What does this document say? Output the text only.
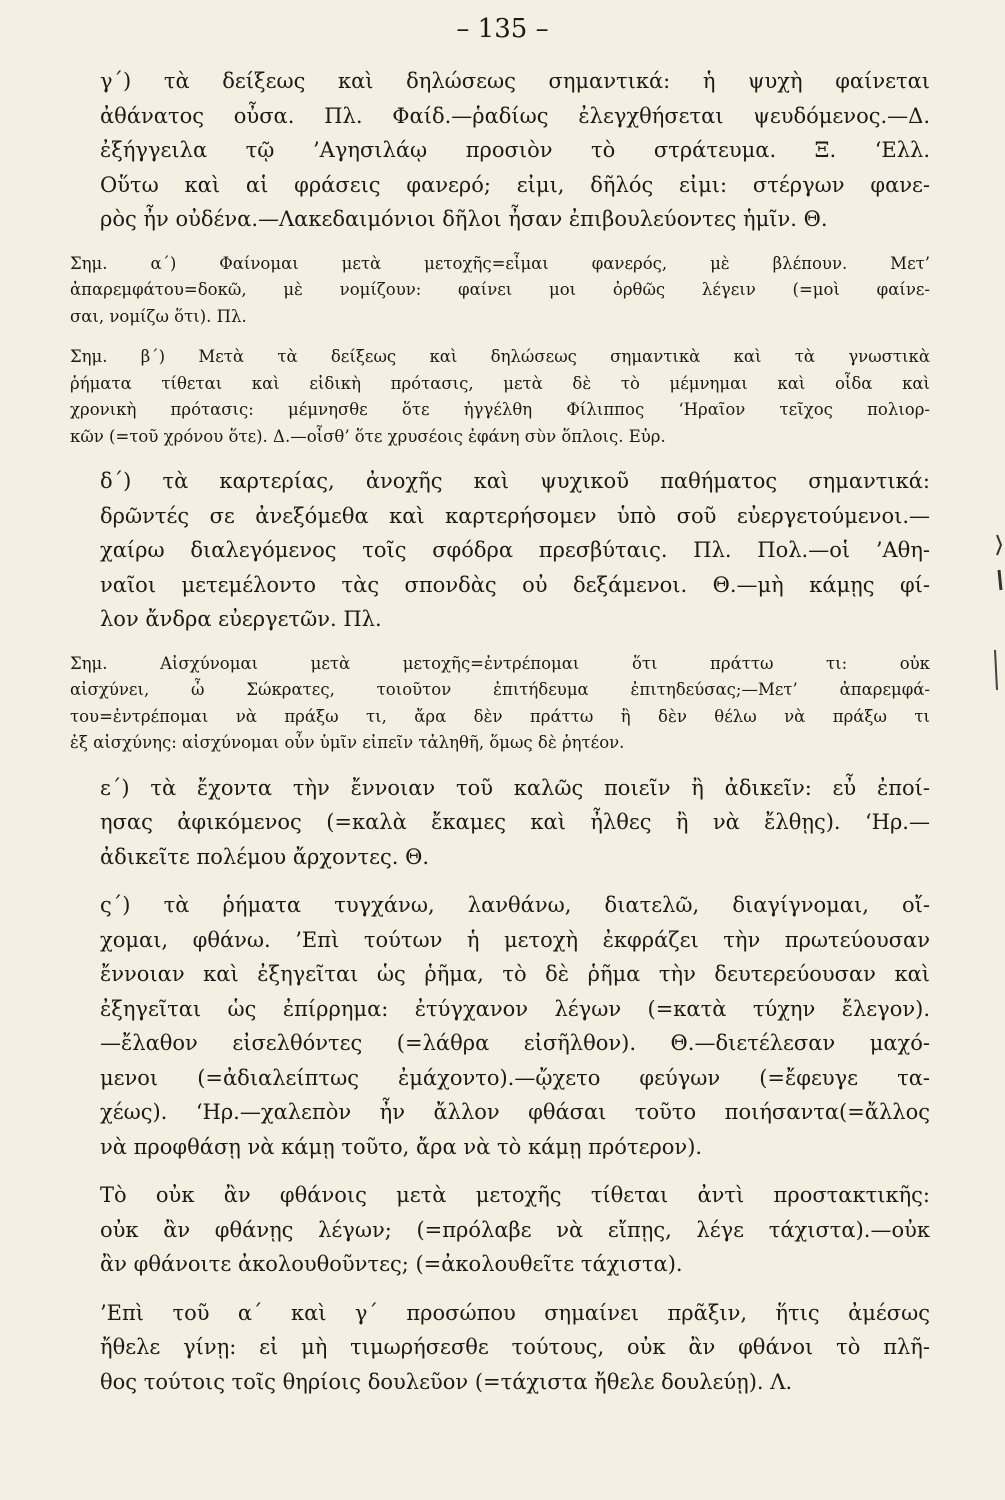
– 135 –
γ΄) τὰ δείξεως καὶ δηλώσεως σημαντικά: ἡ ψυχὴ φαίνεται
ἀθάνατος οὖσα. Πλ. Φαίδ.—ῥαδίως ἐλεγχθήσεται ψευδόμενος.—Δ.
ἐξήγγειλα τῷ ’Αγησιλάῳ προσιὸν τὸ στράτευμα. Ξ. ‘Ελλ.
Οὕτω καὶ αἱ φράσεις φανερό; εἰμι, δῆλός εἰμι: στέργων φανε-
ρὸς ἦν οὐδένα.—Λακεδαιμόνιοι δῆλοι ἦσαν ἐπιβουλεύοντες ἡμῖν. Θ.
Σημ. α΄) Φαίνομαι μετὰ μετοχῆς=εἶμαι φανερός, μὲ βλέπουν. Μετ’
ἀπαρεμφάτου=δοκῶ, μὲ νομίζουν: φαίνει μοι ὀρθῶς λέγειν (=μοὶ φαίνε-
σαι, νομίζω ὅτι). Πλ.
Σημ. β΄) Μετὰ τὰ δείξεως καὶ δηλώσεως σημαντικὰ καὶ τὰ γνωστικὰ
ῥήματα τίθεται καὶ εἰδικὴ πρότασις, μετὰ δὲ τὸ μέμνημαι καὶ οἶδα καὶ
χρονικὴ πρότασις: μέμνησθε ὅτε ἠγγέλθη Φίλιππος ‘Ηραῖον τεῖχος πολιορ-
κῶν (=τοῦ χρόνου ὅτε). Δ.—οἶσθ’ ὅτε χρυσέοις ἐφάνη σὺν ὅπλοις. Εὐρ.
δ΄) τὰ καρτερίας, ἀνοχῆς καὶ ψυχικοῦ παθήματος σημαντικά:
δρῶντές σε ἀνεξόμεθα καὶ καρτερήσομεν ὑπὸ σοῦ εὐεργετούμενοι.—
χαίρω διαλεγόμενος τοῖς σφόδρα πρεσβύταις. Πλ. Πολ.—οἱ ’Αθη-
ναῖοι μετεμέλοντο τὰς σπονδὰς οὐ δεξάμενοι. Θ.—μὴ κάμῃς φί-
λον ἄνδρα εὐεργετῶν. Πλ.
Σημ. Αἰσχύνομαι μετὰ μετοχῆς=ἐντρέπομαι ὅτι πράττω τι: οὐκ
αἰσχύνει, ὦ Σώκρατες, τοιοῦτον ἐπιτήδευμα ἐπιτηδεύσας;—Μετ’ ἀπαρεμφά-
του=ἐντρέπομαι νὰ πράξω τι, ἄρα δὲν πράττω ἢ δὲν θέλω νὰ πράξω τι
ἐξ αἰσχύνης: αἰσχύνομαι οὖν ὑμῖν εἰπεῖν τἀληθῆ, ὅμως δὲ ῥητέον.
ε΄) τὰ ἔχοντα τὴν ἔννοιαν τοῦ καλῶς ποιεῖν ἢ ἀδικεῖν: εὖ ἐποί-
ησας ἀφικόμενος (=καλὰ ἔκαμες καὶ ἦλθες ἢ νὰ ἔλθῃς). ‘Ηρ.—
ἀδικεῖτε πολέμου ἄρχοντες. Θ.
ς΄) τὰ ῥήματα τυγχάνω, λανθάνω, διατελῶ, διαγίγνομαι, οἴ-
χομαι, φθάνω. ’Επὶ τούτων ἡ μετοχὴ ἐκφράζει τὴν πρωτεύουσαν
ἔννοιαν καὶ ἐξηγεῖται ὡς ῥῆμα, τὸ δὲ ῥῆμα τὴν δευτερεύουσαν καὶ
ἐξηγεῖται ὡς ἐπίρρημα: ἐτύγχανον λέγων (=κατὰ τύχην ἔλεγον).
—ἔλαθον εἰσελθόντες (=λάθρα εἰσῆλθον). Θ.—διετέλεσαν μαχό-
μενοι (=ἀδιαλείπτως ἐμάχοντο).—ᾤχετο φεύγων (=ἔφευγε τα-
χέως). ‘Ηρ.—χαλεπὸν ἦν ἄλλον φθάσαι τοῦτο ποιήσαντα(=ἄλλος
νὰ προφθάσῃ νὰ κάμῃ τοῦτο, ἄρα νὰ τὸ κάμῃ πρότερον).
Τὸ οὐκ ἂν φθάνοις μετὰ μετοχῆς τίθεται ἀντὶ προστακτικῆς:
οὐκ ἂν φθάνῃς λέγων; (=πρόλαβε νὰ εἴπῃς, λέγε τάχιστα).—οὐκ
ἂν φθάνοιτε ἀκολουθοῦντες; (=ἀκολουθεῖτε τάχιστα).
’Επὶ τοῦ α΄ καὶ γ΄ προσώπου σημαίνει πρᾶξιν, ἥτις ἀμέσως
ἤθελε γίνῃ: εἰ μὴ τιμωρήσεσθε τούτους, οὐκ ἂν φθάνοι τὸ πλῆ-
θος τούτοις τοῖς θηρίοις δουλεῦον (=τάχιστα ἤθελε δουλεύῃ). Λ.
